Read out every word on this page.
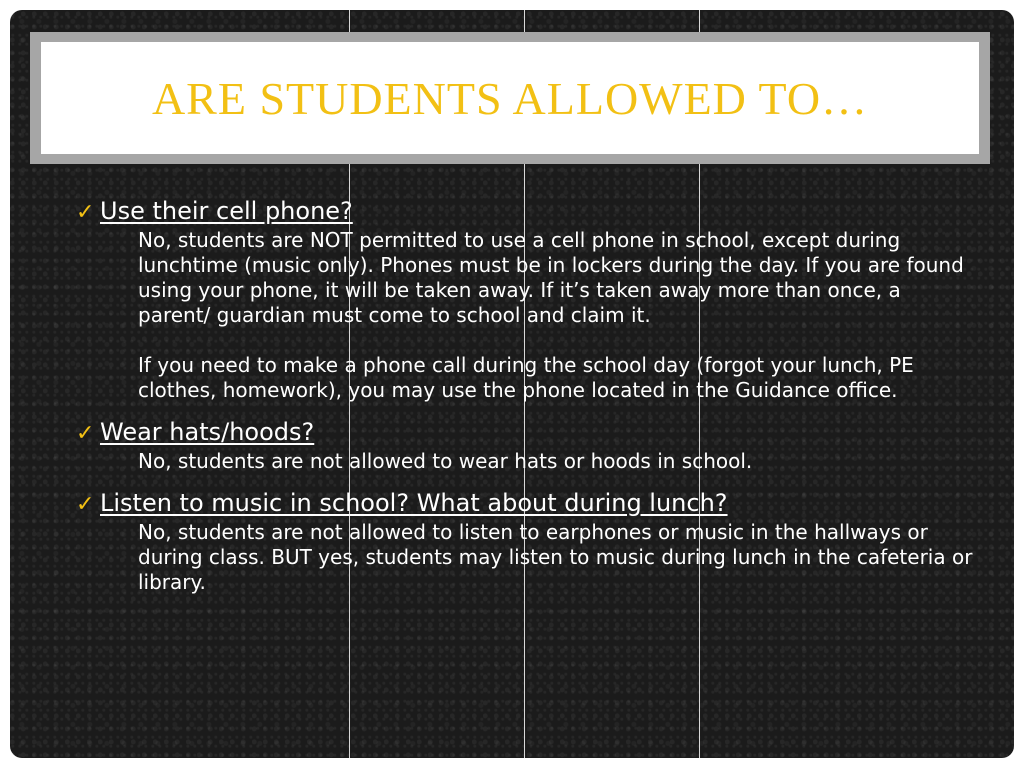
ARE STUDENTS ALLOWED TO…
✓ Use their cell phone?

No, students are NOT permitted to use a cell phone in school, except during lunchtime (music only). Phones must be in lockers during the day. If you are found using your phone, it will be taken away. If it’s taken away more than once, a parent/ guardian must come to school and claim it.

If you need to make a phone call during the school day (forgot your lunch, PE clothes, homework), you may use the phone located in the Guidance office.

✓ Wear hats/hoods?

No, students are not allowed to wear hats or hoods in school.

✓ Listen to music in school? What about during lunch?

No, students are not allowed to listen to earphones or music in the hallways or during class. BUT yes, students may listen to music during lunch in the cafeteria or library.
